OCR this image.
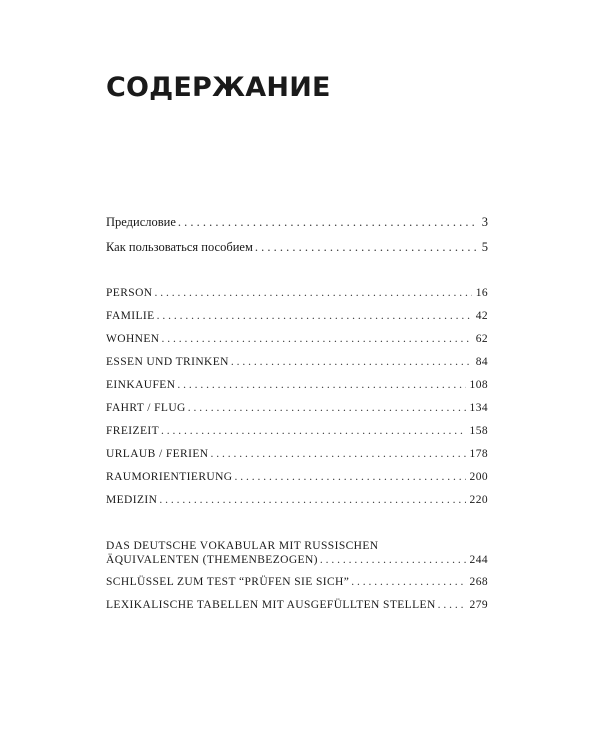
СОДЕРЖАНИЕ
Предисловие . . .	3
Как пользоваться пособием . . .	5
PERSON . . .	16
FAMILIE . . .	42
WOHNEN . . .	62
ESSEN UND TRINKEN . . .	84
EINKAUFEN . . .	108
FAHRT / FLUG . . .	134
FREIZEIT . . .	158
URLAUB / FERIEN . . .	178
RAUMORIENTIERUNG . . .	200
MEDIZIN . . .	220
DAS DEUTSCHE VOKABULAR MIT RUSSISCHEN
ÄQUIVALENTEN (THEMENBEZOGEN) . . .	244
SCHLÜSSEL ZUM TEST “PRÜFEN SIE SICH” . . .	268
LEXIKALISCHE TABELLEN MIT AUSGEFÜLLTEN STELLEN . . .	279
